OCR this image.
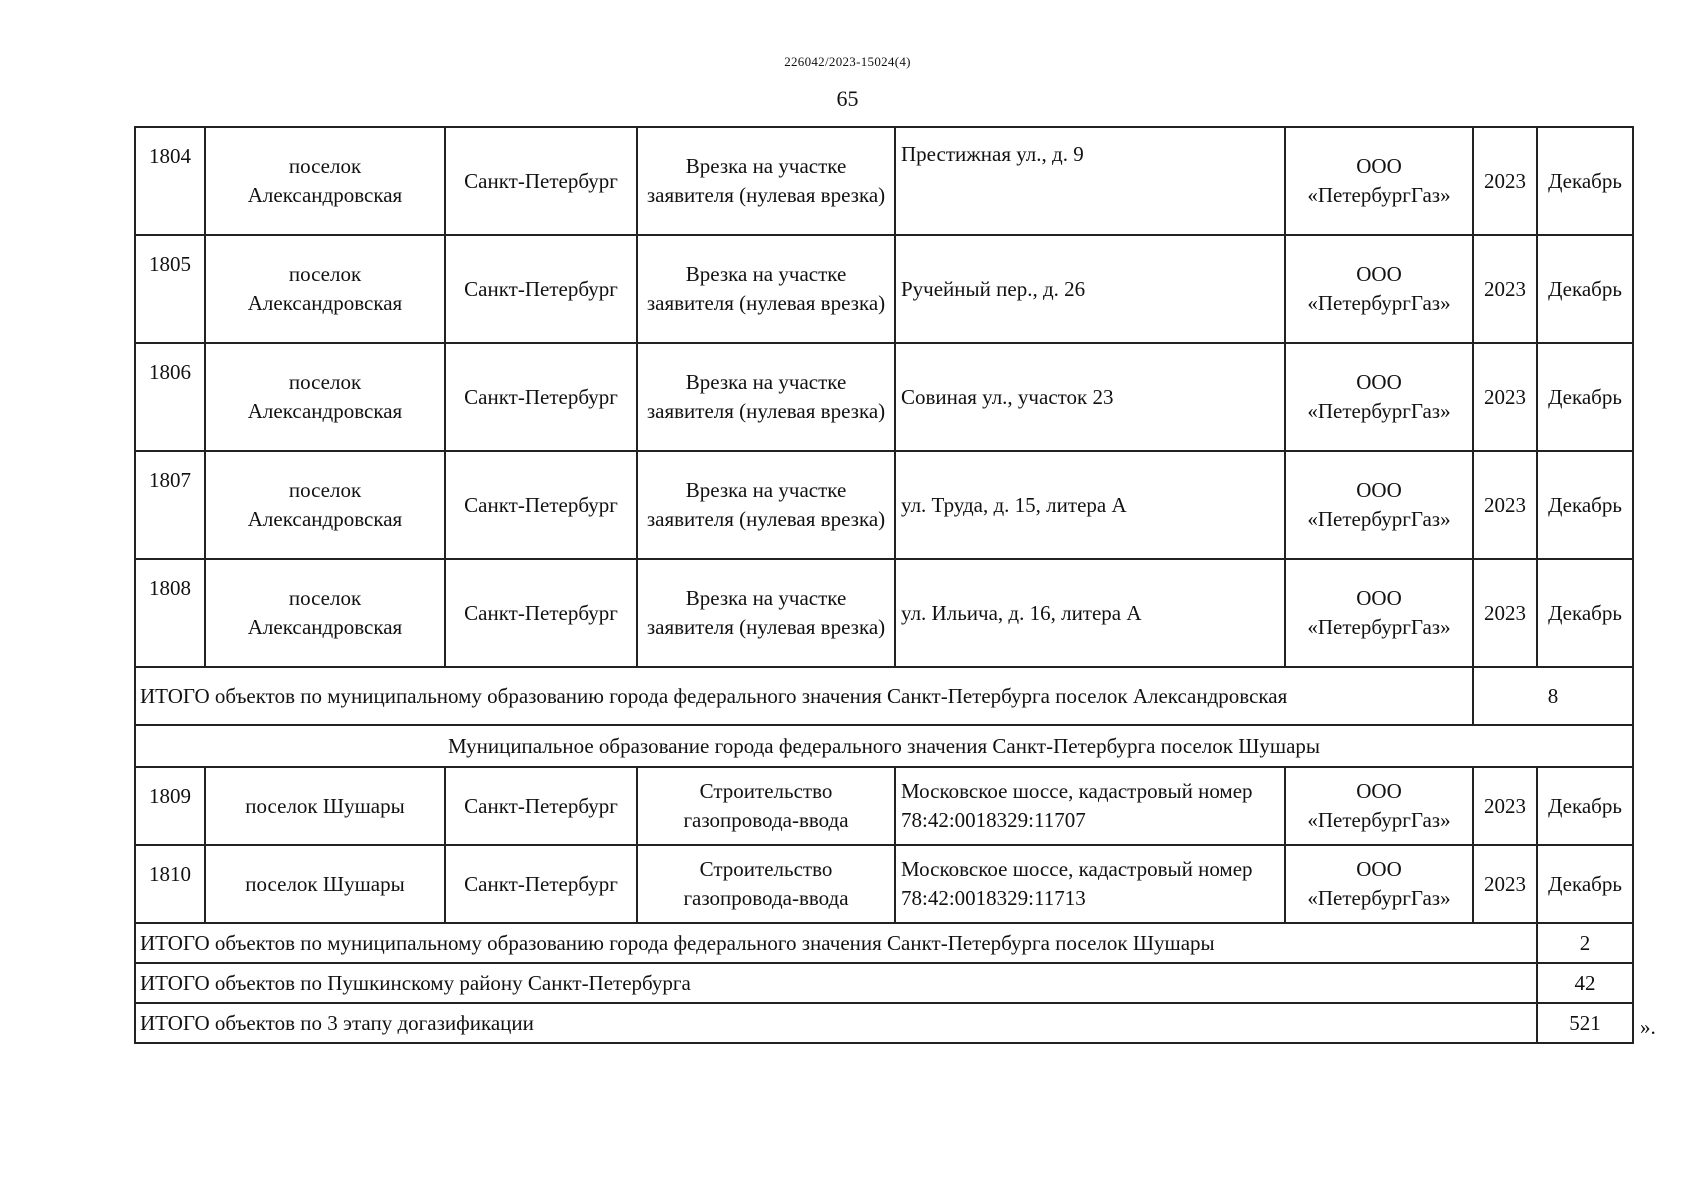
226042/2023-15024(4)
65
1804	поселок Александровская	Санкт-Петербург	Врезка на участке заявителя (нулевая врезка)	Престижная ул., д. 9	ООО «ПетербургГаз»	2023	Декабрь
1805	поселок Александровская	Санкт-Петербург	Врезка на участке заявителя (нулевая врезка)	Ручейный пер., д. 26	ООО «ПетербургГаз»	2023	Декабрь
1806	поселок Александровская	Санкт-Петербург	Врезка на участке заявителя (нулевая врезка)	Совиная ул., участок 23	ООО «ПетербургГаз»	2023	Декабрь
1807	поселок Александровская	Санкт-Петербург	Врезка на участке заявителя (нулевая врезка)	ул. Труда, д. 15, литера А	ООО «ПетербургГаз»	2023	Декабрь
1808	поселок Александровская	Санкт-Петербург	Врезка на участке заявителя (нулевая врезка)	ул. Ильича, д. 16, литера А	ООО «ПетербургГаз»	2023	Декабрь
ИТОГО объектов по муниципальному образованию города федерального значения Санкт-Петербурга поселок Александровская						8	
Муниципальное образование города федерального значения Санкт-Петербурга поселок Шушары							
1809	поселок Шушары	Санкт-Петербург	Строительство газопровода-ввода	Московское шоссе, кадастровый номер 78:42:0018329:11707	ООО «ПетербургГаз»	2023	Декабрь
1810	поселок Шушары	Санкт-Петербург	Строительство газопровода-ввода	Московское шоссе, кадастровый номер 78:42:0018329:11713	ООО «ПетербургГаз»	2023	Декабрь
ИТОГО объектов по муниципальному образованию города федерального значения Санкт-Петербурга поселок Шушары							2
ИТОГО объектов по Пушкинскому району Санкт-Петербурга							42
ИТОГО объектов по 3 этапу догазификации							521 ».
